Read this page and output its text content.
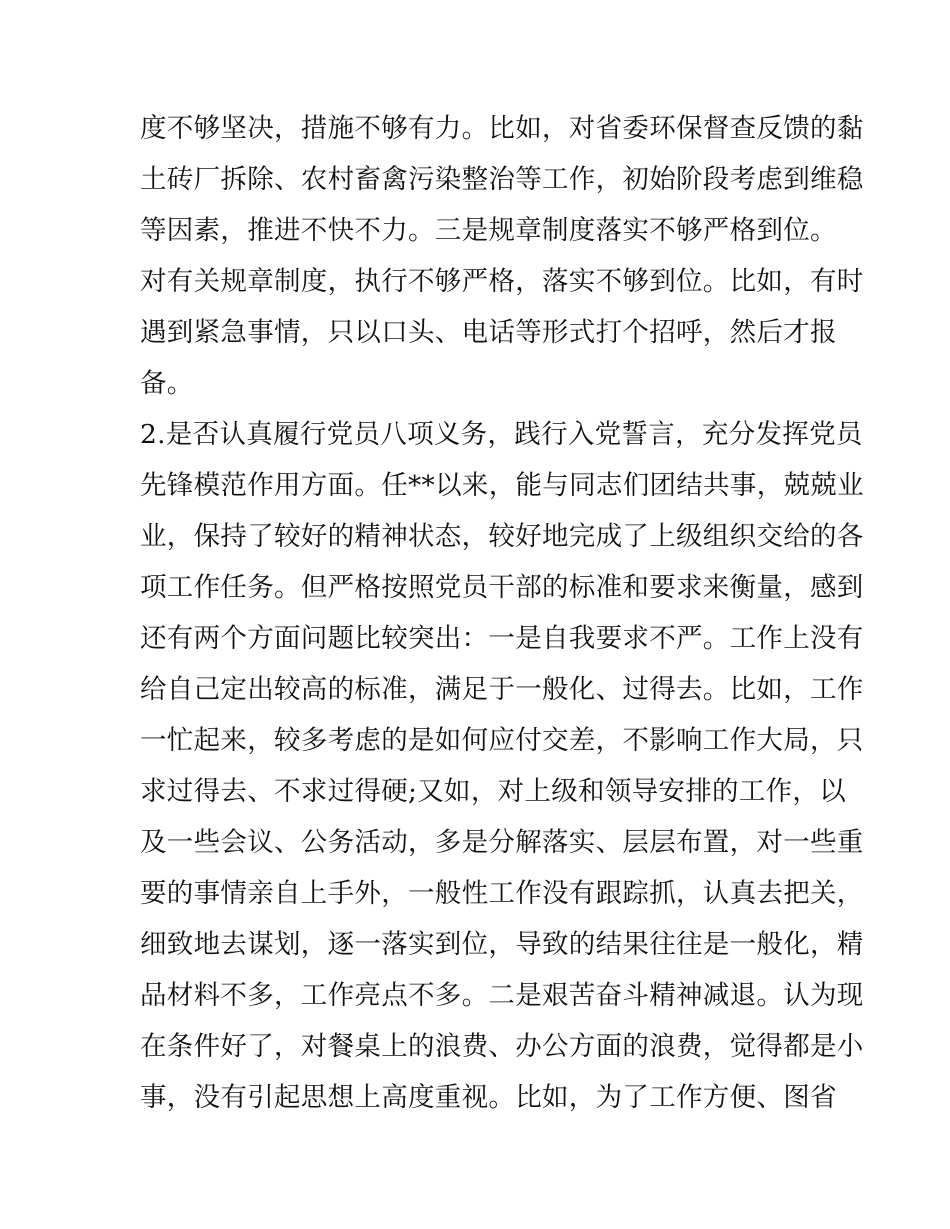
度不够坚决，措施不够有力。比如，对省委环保督查反馈的黏
土砖厂拆除、农村畜禽污染整治等工作，初始阶段考虑到维稳
等因素，推进不快不力。三是规章制度落实不够严格到位。
对有关规章制度，执行不够严格，落实不够到位。比如，有时
遇到紧急事情，只以口头、电话等形式打个招呼，然后才报
备。
2.是否认真履行党员八项义务，践行入党誓言，充分发挥党员
先锋模范作用方面。任**以来，能与同志们团结共事，兢兢业
业，保持了较好的精神状态，较好地完成了上级组织交给的各
项工作任务。但严格按照党员干部的标准和要求来衡量，感到
还有两个方面问题比较突出：一是自我要求不严。工作上没有
给自己定出较高的标准，满足于一般化、过得去。比如，工作
一忙起来，较多考虑的是如何应付交差，不影响工作大局，只
求过得去、不求过得硬;又如，对上级和领导安排的工作，以
及一些会议、公务活动，多是分解落实、层层布置，对一些重
要的事情亲自上手外，一般性工作没有跟踪抓，认真去把关，
细致地去谋划，逐一落实到位，导致的结果往往是一般化，精
品材料不多，工作亮点不多。二是艰苦奋斗精神减退。认为现
在条件好了，对餐桌上的浪费、办公方面的浪费，觉得都是小
事，没有引起思想上高度重视。比如，为了工作方便、图省
